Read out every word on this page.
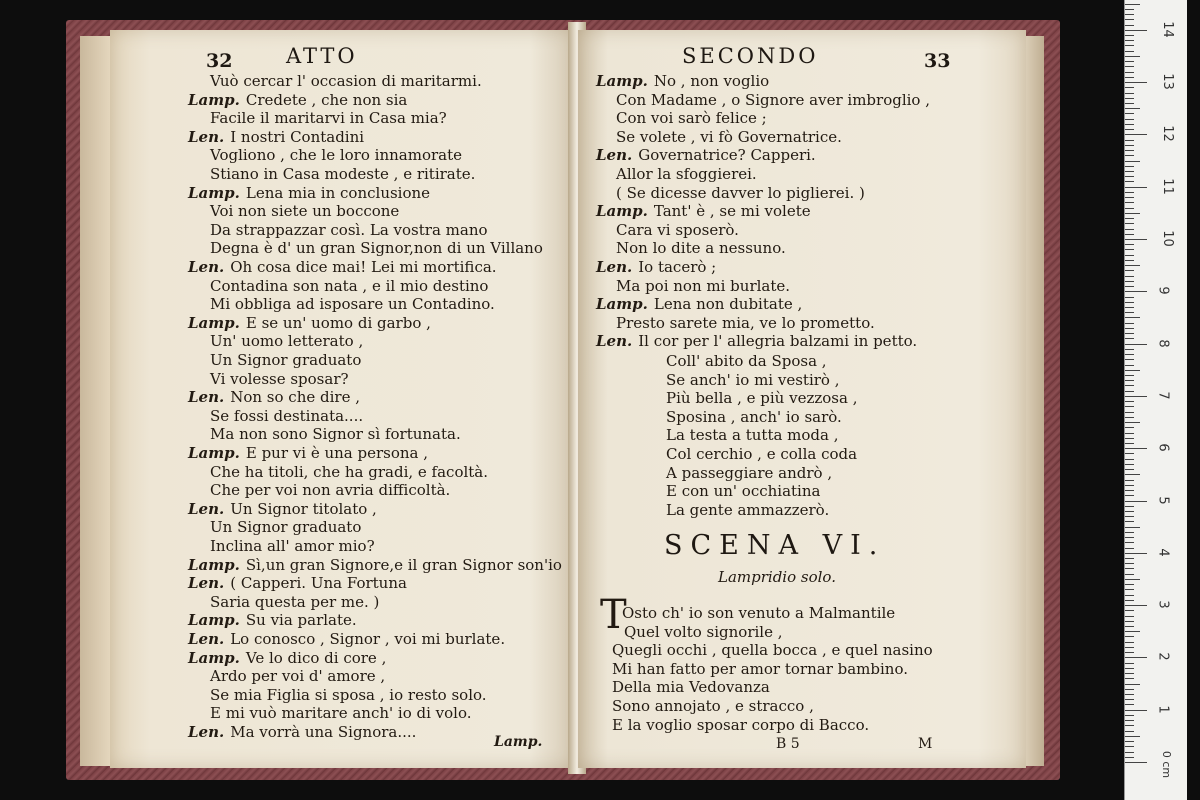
32	ATTO
Vuò cercar l' occasion di maritarmi.
Lamp. Credete , che non sia
Facile il maritarvi in Casa mia?
Len. I nostri Contadini
Vogliono , che le loro innamorate
Stiano in Casa modeste , e ritirate.
Lamp. Lena mia in conclusione
Voi non siete un boccone
Da strappazzar così. La vostra mano
Degna è d' un gran Signor,non di un Villano
Len. Oh cosa dice mai! Lei mi mortifica.
Contadina son nata , e il mio destino
Mi obbliga ad isposare un Contadino.
Lamp. E se un' uomo di garbo ,
Un' uomo letterato ,
Un Signor graduato
Vi volesse sposar?
Len. Non so che dire ,
Se fossi destinata....
Ma non sono Signor sì fortunata.
Lamp. E pur vi è una persona ,
Che ha titoli, che ha gradi, e facoltà.
Che per voi non avria difficoltà.
Len. Un Signor titolato ,
Un Signor graduato
Inclina all' amor mio?
Lamp. Sì,un gran Signore,e il gran Signor son'io
Len. ( Capperi. Una Fortuna
Saria questa per me. )
Lamp. Su via parlate.
Len. Lo conosco , Signor , voi mi burlate.
Lamp. Ve lo dico di core ,
Ardo per voi d' amore ,
Se mia Figlia si sposa , io resto solo.
E mi vuò maritare anch' io di volo.
Len. Ma vorrà una Signora....
Lamp.
SECONDO	33
Lamp. No , non voglio
Con Madame , o Signore aver imbroglio ,
Con voi sarò felice ;
Se volete , vi fò Governatrice.
Len. Governatrice? Capperi.
Allor la sfoggierei.
( Se dicesse davver lo piglierei. )
Lamp. Tant' è , se mi volete
Cara vi sposerò.
Non lo dite a nessuno.
Len. Io tacerò ;
Ma poi non mi burlate.
Lamp. Lena non dubitate ,
Presto sarete mia, ve lo prometto.
Len. Il cor per l' allegria balzami in petto.
Coll' abito da Sposa ,
Se anch' io mi vestirò ,
Più bella , e più vezzosa ,
Sposina , anch' io sarò.
La testa a tutta moda ,
Col cerchio , e colla coda
A passeggiare andrò ,
E con un' occhiatina
La gente ammazzerò.
SCENA VI.
Lampridio solo.
T
Osto ch' io son venuto a Malmantile
Quel volto signorile ,
Quegli occhi , quella bocca , e quel nasino
Mi han fatto per amor tornar bambino.
Della mia Vedovanza
Sono annojato , e stracco ,
E la voglio sposar corpo di Bacco.
B 5	M
14
13
12
11
10
9
8
7
6
5
4
3
2
1
0 cm
